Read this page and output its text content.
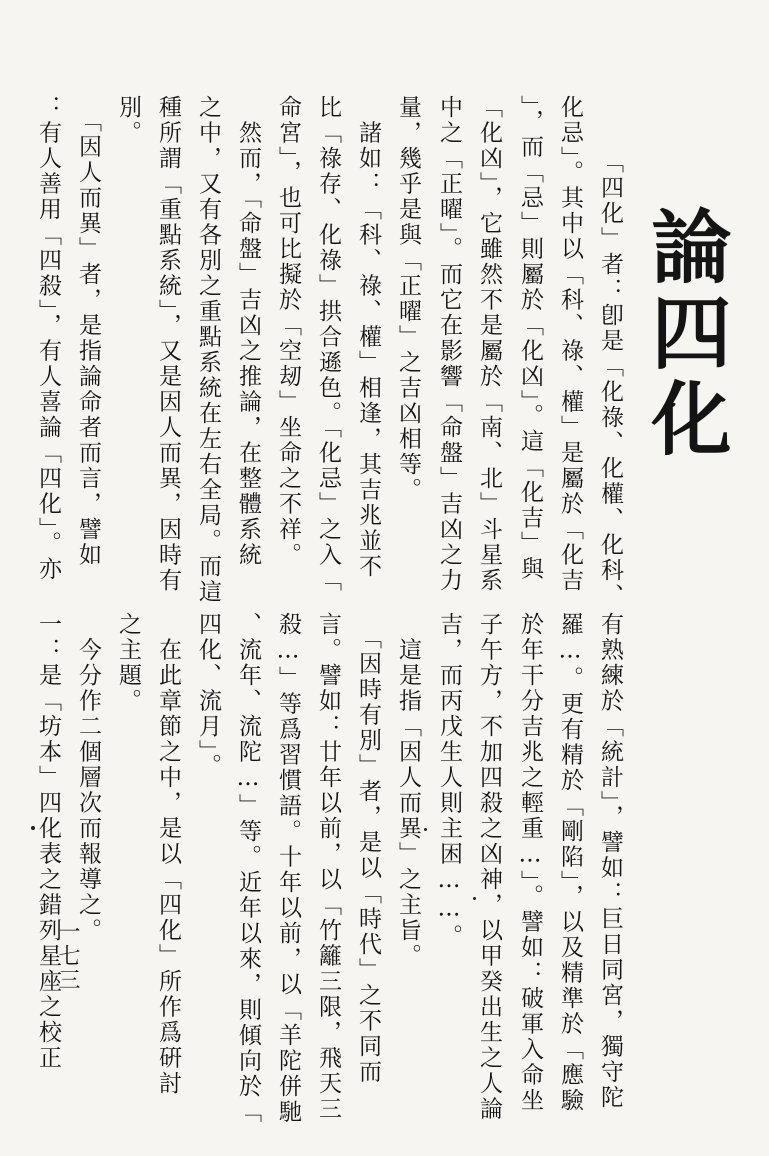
論四化

「四化」者：卽是「化祿、化權、化科、

化忌」。其中以「科、祿、權」是屬於「化吉

」，而「忌」則屬於「化凶」。這「化吉」與

「化凶」，它雖然不是屬於「南、北」斗星系

中之「正曜」。而它在影響「命盤」吉凶之力

量，幾乎是與「正曜」之吉凶相等。

　諸如：「科、祿、權」相逢，其吉兆並不

比「祿存、化祿」拱合遜色。「化忌」之入「

命宮」，也可比擬於「空刼」坐命之不祥。

　然而，「命盤」吉凶之推論，在整體系統

之中，又有各別之重點系統在左右全局。而這

種所謂「重點系統」，又是因人而異，因時有

別。

　「因人而異」者，是指論命者而言，譬如

：有人善用「四殺」，有人喜論「四化」。亦

有熟練於「統計」，譬如：巨日同宮，獨守陀

羅…。更有精於「剛陷」，以及精準於「應驗

於年干分吉兆之輕重…」。譬如：破軍入命坐

子午方，不加四殺之凶神，以甲癸出生之人論

吉，而丙戊生人則主困……。

　這是指「因人而異」之主旨。

　「因時有別」者，是以「時代」之不同而

言。譬如：廿年以前，以「竹籬三限，飛天三

殺…」等爲習慣語。十年以前，以「羊陀併馳

、流年、流陀…」等。近年以來，則傾向於「

四化、流月」。

　在此章節之中，是以「四化」所作爲硏討

之主題。

　今分作二個層次而報導之。

一：是「坊本」四化表之錯列星座之校正

一七三
